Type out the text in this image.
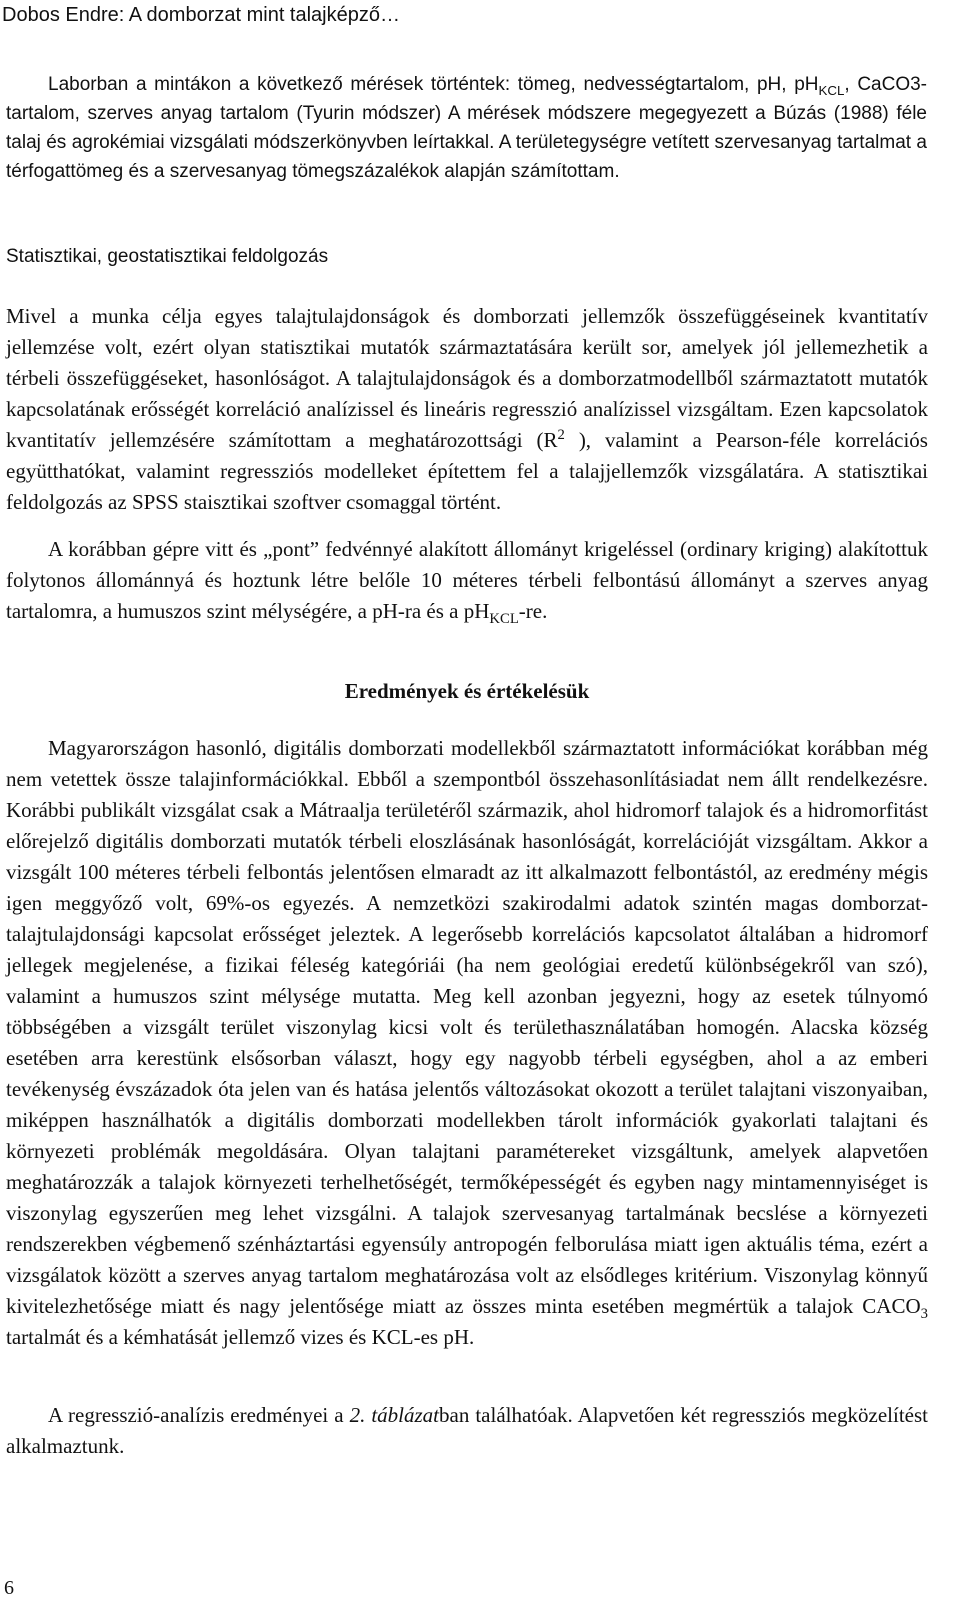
Dobos Endre: A domborzat mint talajképző…
Laborban a mintákon a következő mérések történtek: tömeg, nedvességtartalom, pH, $pH_{KCL}$, CaCO3-tartalom, szerves anyag tartalom (Tyurin módszer) A mérések módszere megegyezett a Búzás (1988) féle talaj és agrokémiai vizsgálati módszerkönyvben leírtakkal. A területegységre vetített szervesanyag tartalmat a térfogattömeg és a szervesanyag tömegszázalékok alapján számítottam.
Statisztikai, geostatisztikai feldolgozás
Mivel a munka célja egyes talajtulajdonságok és domborzati jellemzők összefüggéseinek kvantitatív jellemzése volt, ezért olyan statisztikai mutatók származtatására került sor, amelyek jól jellemezhetik a térbeli összefüggéseket, hasonlóságot. A talajtulajdonságok és a domborzatmodellből származtatott mutatók kapcsolatának erősségét korreláció analízissel és lineáris regresszió analízissel vizsgáltam. Ezen kapcsolatok kvantitatív jellemzésére számítottam a meghatározottsági ($R^2$ ), valamint a Pearson-féle korrelációs együtthatókat, valamint regressziós modelleket építettem fel a talajjellemzők vizsgálatára. A statisztikai feldolgozás az SPSS staisztikai szoftver csomaggal történt.
A korábban gépre vitt és „pont” fedvénnyé alakított állományt krigeléssel (ordinary kriging) alakítottuk folytonos állománnyá és hoztunk létre belőle 10 méteres térbeli felbontású állományt a szerves anyag tartalomra, a humuszos szint mélységére, a pH-ra és a $pH_{KCL}-re$.
Eredmények és értékelésük
Magyarországon hasonló, digitális domborzati modellekből származtatott információkat korábban még nem vetettek össze talajinformációkkal. Ebből a szempontból összehasonlításiadat nem állt rendelkezésre. Korábbi publikált vizsgálat csak a Mátraalja területéről származik, ahol hidromorf talajok és a hidromorfitást előrejelző digitális domborzati mutatók térbeli eloszlásának hasonlóságát, korrelációját vizsgáltam. Akkor a vizsgált 100 méteres térbeli felbontás jelentősen elmaradt az itt alkalmazott felbontástól, az eredmény mégis igen meggyőző volt, 69%-os egyezés. A nemzetközi szakirodalmi adatok szintén magas domborzat-talajtulajdonsági kapcsolat erősséget jeleztek. A legerősebb korrelációs kapcsolatot általában a hidromorf jellegek megjelenése, a fizikai féleség kategóriái (ha nem geológiai eredetű különbségekről van szó), valamint a humuszos szint mélysége mutatta. Meg kell azonban jegyezni, hogy az esetek túlnyomó többségében a vizsgált terület viszonylag kicsi volt és területhasználatában homogén. Alacska község esetében arra kerestünk elsősorban választ, hogy egy nagyobb térbeli egységben, ahol a az emberi tevékenység évszázadok óta jelen van és hatása jelentős változásokat okozott a terület talajtani viszonyaiban, miképpen használhatók a digitális domborzati modellekben tárolt információk gyakorlati talajtani és környezeti problémák megoldására. Olyan talajtani paramétereket vizsgáltunk, amelyek alapvetően meghatározzák a talajok környezeti terhelhetőségét, termőképességét és egyben nagy mintamennyiséget is viszonylag egyszerűen meg lehet vizsgálni. A talajok szervesanyag tartalmának becslése a környezeti rendszerekben végbemenő szénháztartási egyensúly antropogén felborulása miatt igen aktuális téma, ezért a vizsgálatok között a szerves anyag tartalom meghatározása volt az elsődleges kritérium. Viszonylag könnyű kivitelezhetősége miatt és nagy jelentősége miatt az összes minta esetében megmértük a talajok $CACO_3$ tartalmát és a kémhatását jellemző vizes és KCL-es pH.
A regresszió-analízis eredményei a 2. táblázatban találhatóak. Alapvetően két regressziós megközelítést alkalmaztunk.
6
